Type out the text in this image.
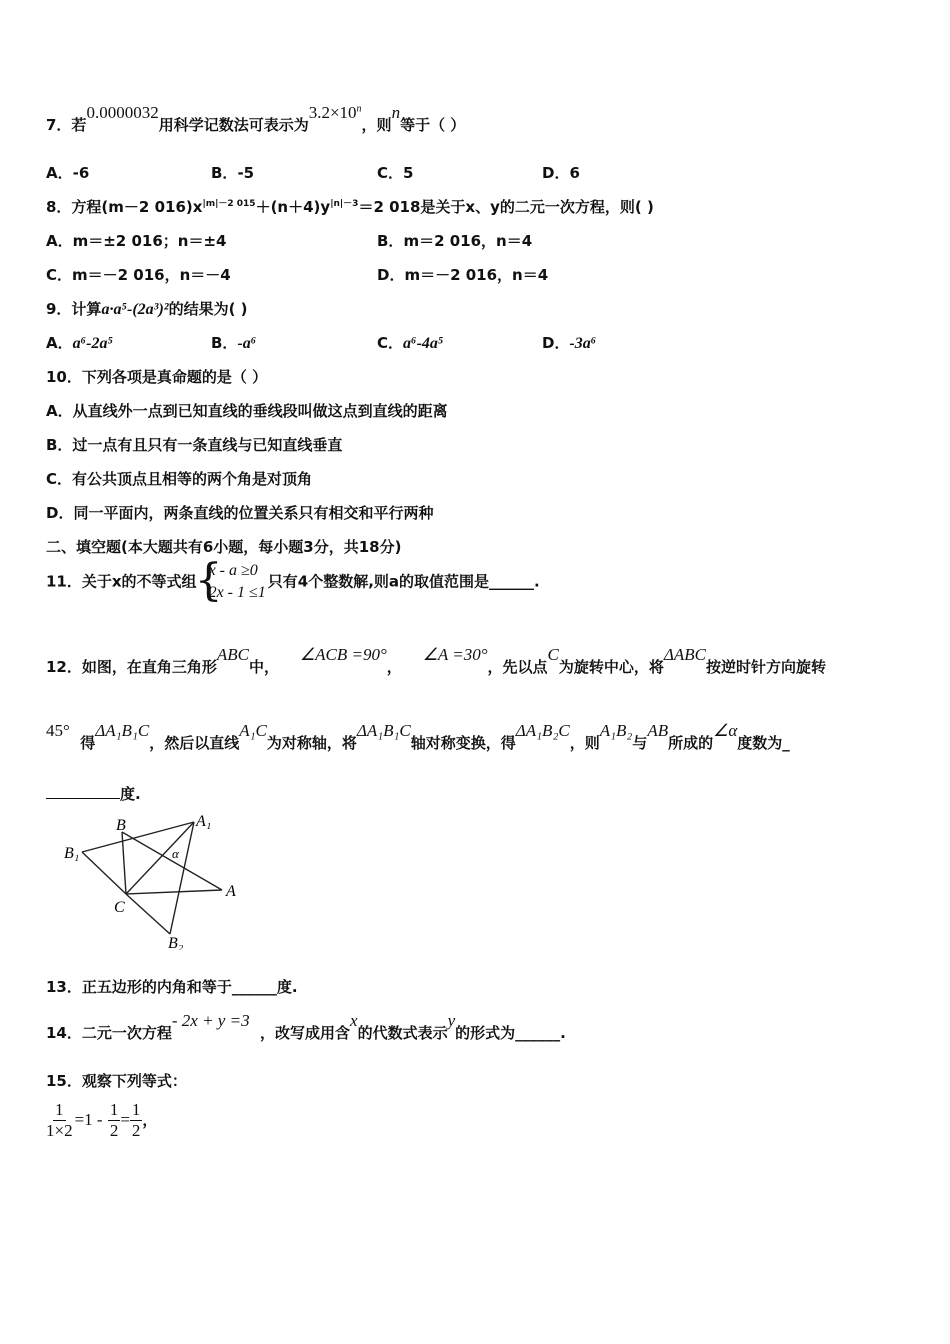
7．若0.0000032用科学记数法可表示为$3.2\times 10^n$，则n等于（ ）
A．-6	B．-5	C．5	D．6
8．方程(m－2 $016)x^{|m|-2 015}+(n+4)y^{|n|-3}=2$ 018是关于x、y的二元一次方程，则( )
A．m＝±2 016；n＝±4	B．m＝2 016，n＝4
C．m＝－2 016，n＝－4	D．m＝－2 016，n＝4
9．计算a·a⁵-(2a³)²的结果为( )
A．a⁶-2a⁵	B．-a⁶	C．a⁶-4a⁵	D．-3a⁶
10．下列各项是真命题的是（ ）
A．从直线外一点到已知直线的垂线段叫做这点到直线的距离
B．过一点有且只有一条直线与已知直线垂直
C．有公共顶点且相等的两个角是对顶角
D．同一平面内，两条直线的位置关系只有相交和平行两种
二、填空题(本大题共有6小题，每小题3分，共18分)
11．关于x的不等式组
{ x - a ≥0
2x - 1 ≤1
只有4个整数解,则a的取值范围是______.
12．如图，在直角三角形ABC中，    ∠ACB =90°，    ∠A =30°，先以点C为旋转中心，将ΔABC按逆时针方向旋转
45°  得ΔA₁B₁C，然后以直线A₁C为对称轴，将ΔA₁B₁C轴对称变换，得ΔA₁B₂C，则A₁B₂与AB所成的∠α度数为_
度.
B	A₁
B₁	α
A
C
B₂
13．正五边形的内角和等于______度.
14．二元一次方程- 2x + y =3  ，改写成用含x的代数式表示y的形式为______.
15．观察下列等式：
$\frac{1}{1\times 2} =1 - \frac{1}{2} = \frac{1}{2}$ ，
